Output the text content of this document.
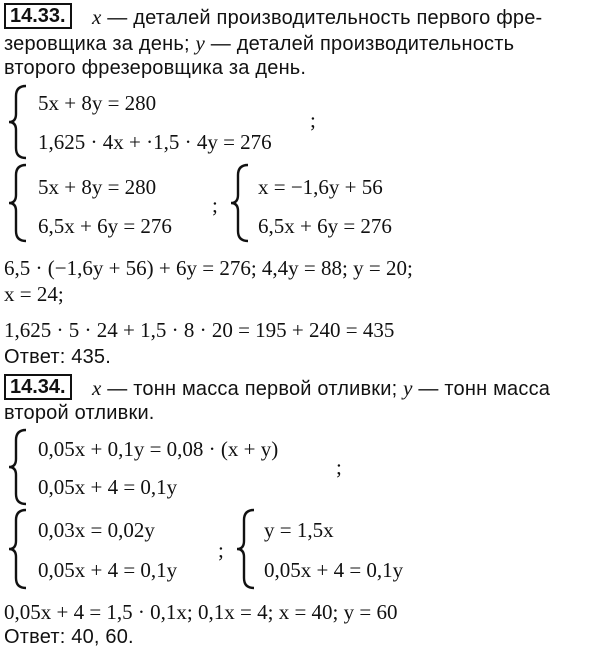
14.33. x — деталей производительность первого фре-
зеровщика за день; y — деталей производительность
второго фрезеровщика за день.
5x + 8y = 280
1,625 · 4x + ·1,5 · 4y = 276
;
5x + 8y = 280
6,5x + 6y = 276
;
x = −1,6y + 56
6,5x + 6y = 276
6,5 · (−1,6y + 56) + 6y = 276; 4,4y = 88; y = 20;
x = 24;
1,625 · 5 · 24 + 1,5 · 8 · 20 = 195 + 240 = 435
Ответ: 435.
14.34. x — тонн масса первой отливки; y — тонн масса
второй отливки.
0,05x + 0,1y = 0,08 · (x + y)
0,05x + 4 = 0,1y
;
0,03x = 0,02y
0,05x + 4 = 0,1y
;
y = 1,5x
0,05x + 4 = 0,1y
0,05x + 4 = 1,5 · 0,1x; 0,1x = 4; x = 40; y = 60
Ответ: 40, 60.
